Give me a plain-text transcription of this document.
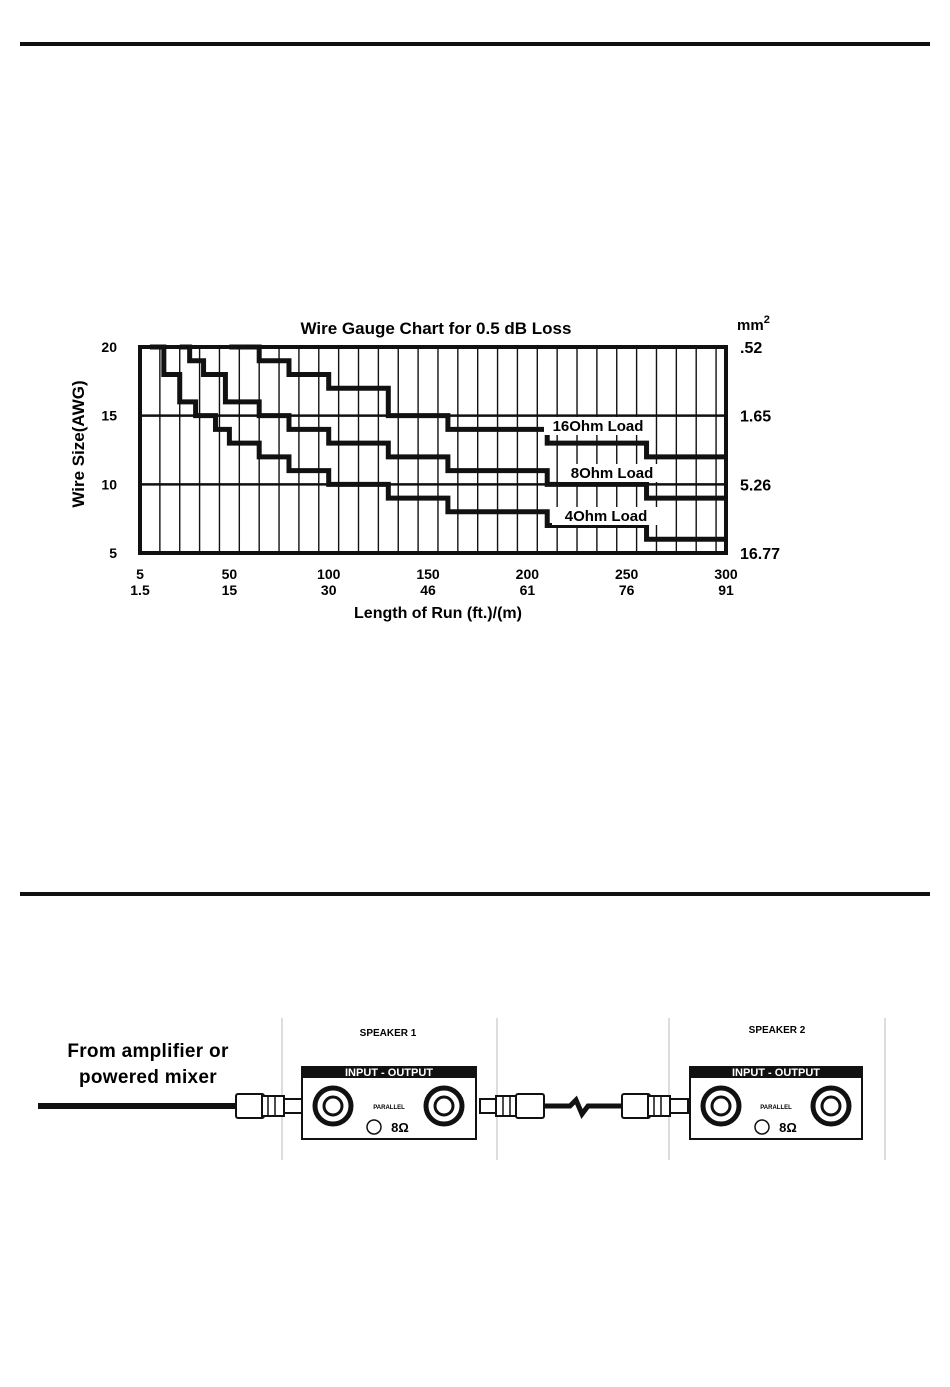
Wire Gauge Chart for 0.5 dB Loss	$mm^2$
Wire Size(AWG)
Length of Run (ft.)/(m)
16Ohm Load
8Ohm Load
4Ohm Load
20
15
10
5
.52
1.65
5.26
16.77
5
1.5
50
15
100
30
150
46
200
61
250
76
300
91
From amplifier or
powered mixer
SPEAKER 1
INPUT - OUTPUT
PARALLEL
8Ω
SPEAKER 2
INPUT - OUTPUT
PARALLEL
8Ω
